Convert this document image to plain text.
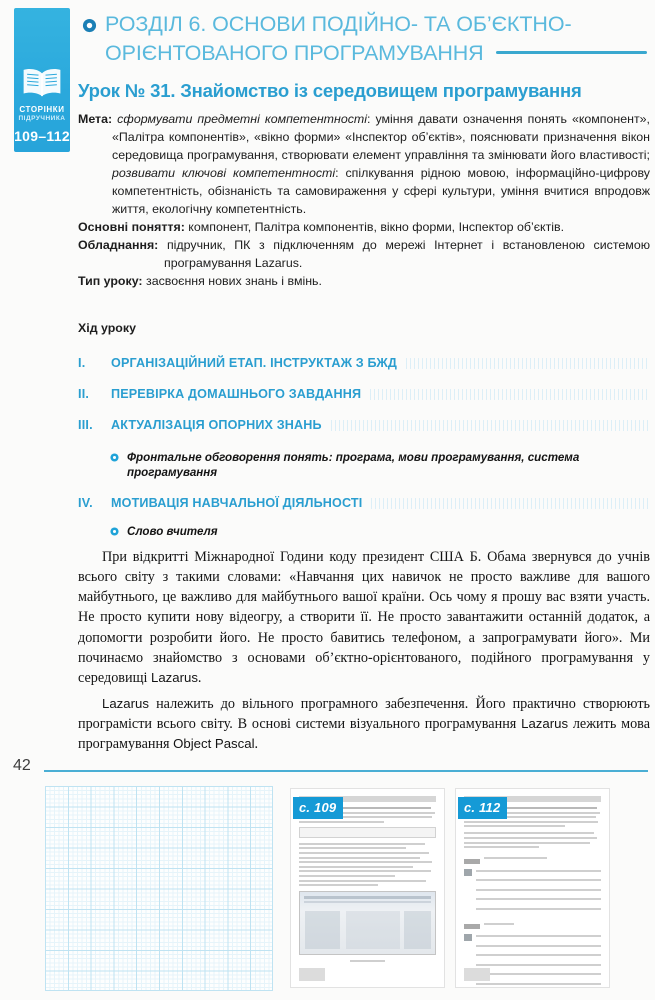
СТОРІНКИ
ПІДРУЧНИКА
109–112
РОЗДІЛ 6. ОСНОВИ ПОДІЙНО- ТА ОБ’ЄКТНО-
ОРІЄНТОВАНОГО ПРОГРАМУВАННЯ
Урок № 31. Знайомство із середовищем програмування

Мета: сформувати предметні компетентності: уміння давати означення понять «компонент», «Палітра компонентів», «вікно форми» «Інспектор об’єктів», пояснювати призначення вікон середовища програмування, створювати елемент управління та змінювати його властивості; розвивати ключові компетентності: спілкування рідною мовою, інформаційно-цифрову компетентність, обізнаність та самовираження у сфері культури, уміння вчитися впродовж життя, екологічну компетентність.

Основні поняття: компонент, Палітра компонентів, вікно форми, Інспектор об’єктів.

Обладнання: підручник, ПК з підключенням до мережі Інтернет і встановленою системою програмування Lazarus.

Тип уроку: засвоєння нових знань і вмінь.

Хід уроку
I.	ОРГАНІЗАЦІЙНИЙ ЕТАП. ІНСТРУКТАЖ З БЖД
II.	ПЕРЕВІРКА ДОМАШНЬОГО ЗАВДАННЯ
III.	АКТУАЛІЗАЦІЯ ОПОРНИХ ЗНАНЬ
Фронтальне обговорення понять: програма, мови програмування, система програмування
IV.	МОТИВАЦІЯ НАВЧАЛЬНОЇ ДІЯЛЬНОСТІ
Слово вчителя

При відкритті Міжнародної Години коду президент США Б. Обама звернувся до учнів всього світу з такими словами: «Навчання цих навичок не просто важливе для вашого майбутнього, це важливо для майбутнього вашої країни. Ось чому я прошу вас взяти участь. Не просто купити нову відеогру, а створити її. Не просто завантажити останній додаток, а допомогти розробити його. Не просто бавитись телефоном, а запрограмувати його». Ми починаємо знайомство з основами об’єктно-орієнтованого, подійного програмування у середовищі Lazarus.

Lazarus належить до вільного програмного забезпечення. Його практично створюють програмісти всього світу. В основі системи візуального програмування Lazarus лежить мова програмування Object Pascal.

42
с. 109	с. 112
